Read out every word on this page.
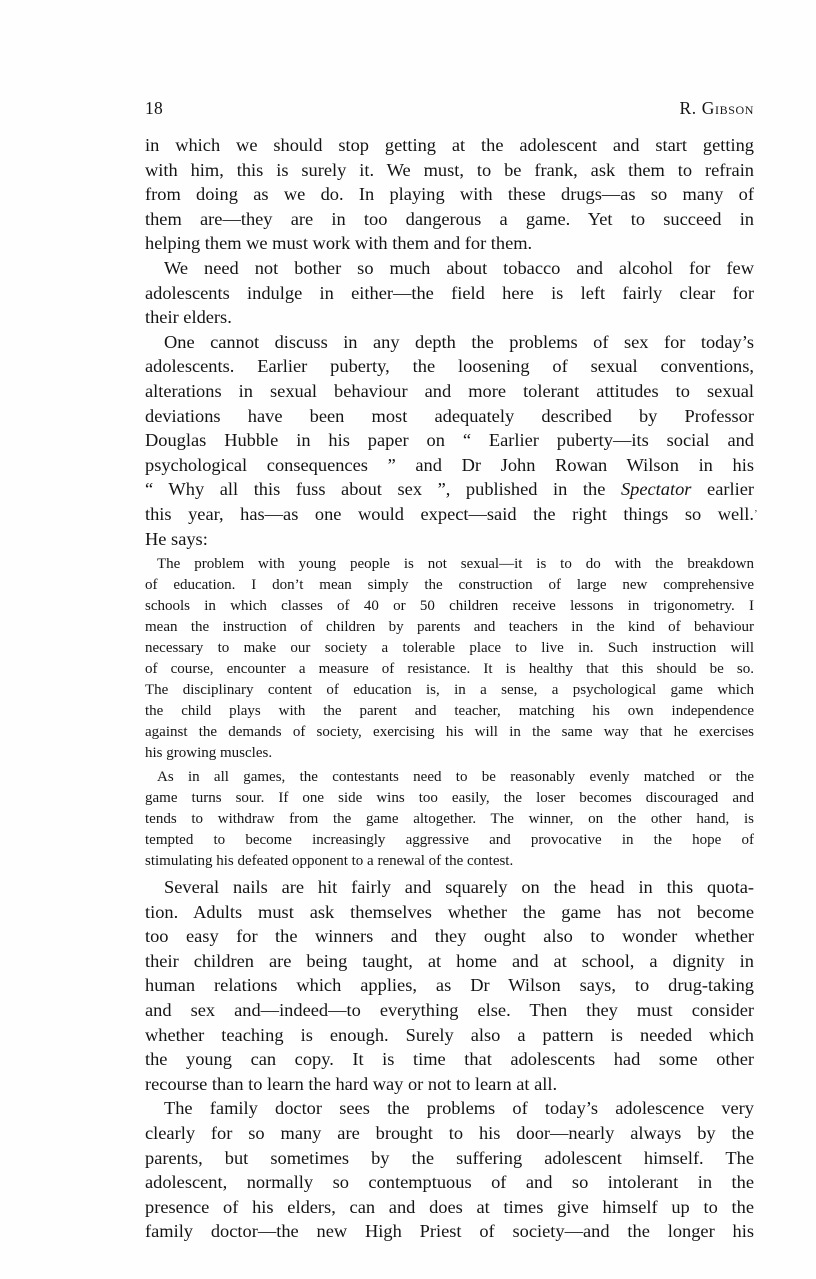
18	R. Gibson
in which we should stop getting at the adolescent and start getting
with him, this is surely it. We must, to be frank, ask them to refrain
from doing as we do. In playing with these drugs—as so many of
them are—they are in too dangerous a game. Yet to succeed in
helping them we must work with them and for them.
We need not bother so much about tobacco and alcohol for few
adolescents indulge in either—the field here is left fairly clear for
their elders.
One cannot discuss in any depth the problems of sex for today’s
adolescents. Earlier puberty, the loosening of sexual conventions,
alterations in sexual behaviour and more tolerant attitudes to sexual
deviations have been most adequately described by Professor
Douglas Hubble in his paper on “ Earlier puberty—its social and
psychological consequences ” and Dr John Rowan Wilson in his
“ Why all this fuss about sex ”, published in the Spectator earlier
this year, has—as one would expect—said the right things so well.
He says:
The problem with young people is not sexual—it is to do with the breakdown
of education. I don’t mean simply the construction of large new comprehensive
schools in which classes of 40 or 50 children receive lessons in trigonometry. I
mean the instruction of children by parents and teachers in the kind of behaviour
necessary to make our society a tolerable place to live in. Such instruction will
of course, encounter a measure of resistance. It is healthy that this should be so.
The disciplinary content of education is, in a sense, a psychological game which
the child plays with the parent and teacher, matching his own independence
against the demands of society, exercising his will in the same way that he exercises
his growing muscles.
As in all games, the contestants need to be reasonably evenly matched or the
game turns sour. If one side wins too easily, the loser becomes discouraged and
tends to withdraw from the game altogether. The winner, on the other hand, is
tempted to become increasingly aggressive and provocative in the hope of
stimulating his defeated opponent to a renewal of the contest.
Several nails are hit fairly and squarely on the head in this quota-
tion. Adults must ask themselves whether the game has not become
too easy for the winners and they ought also to wonder whether
their children are being taught, at home and at school, a dignity in
human relations which applies, as Dr Wilson says, to drug-taking
and sex and—indeed—to everything else. Then they must consider
whether teaching is enough. Surely also a pattern is needed which
the young can copy. It is time that adolescents had some other
recourse than to learn the hard way or not to learn at all.
The family doctor sees the problems of today’s adolescence very
clearly for so many are brought to his door—nearly always by the
parents, but sometimes by the suffering adolescent himself. The
adolescent, normally so contemptuous of and so intolerant in the
presence of his elders, can and does at times give himself up to the
family doctor—the new High Priest of society—and the longer his
’
